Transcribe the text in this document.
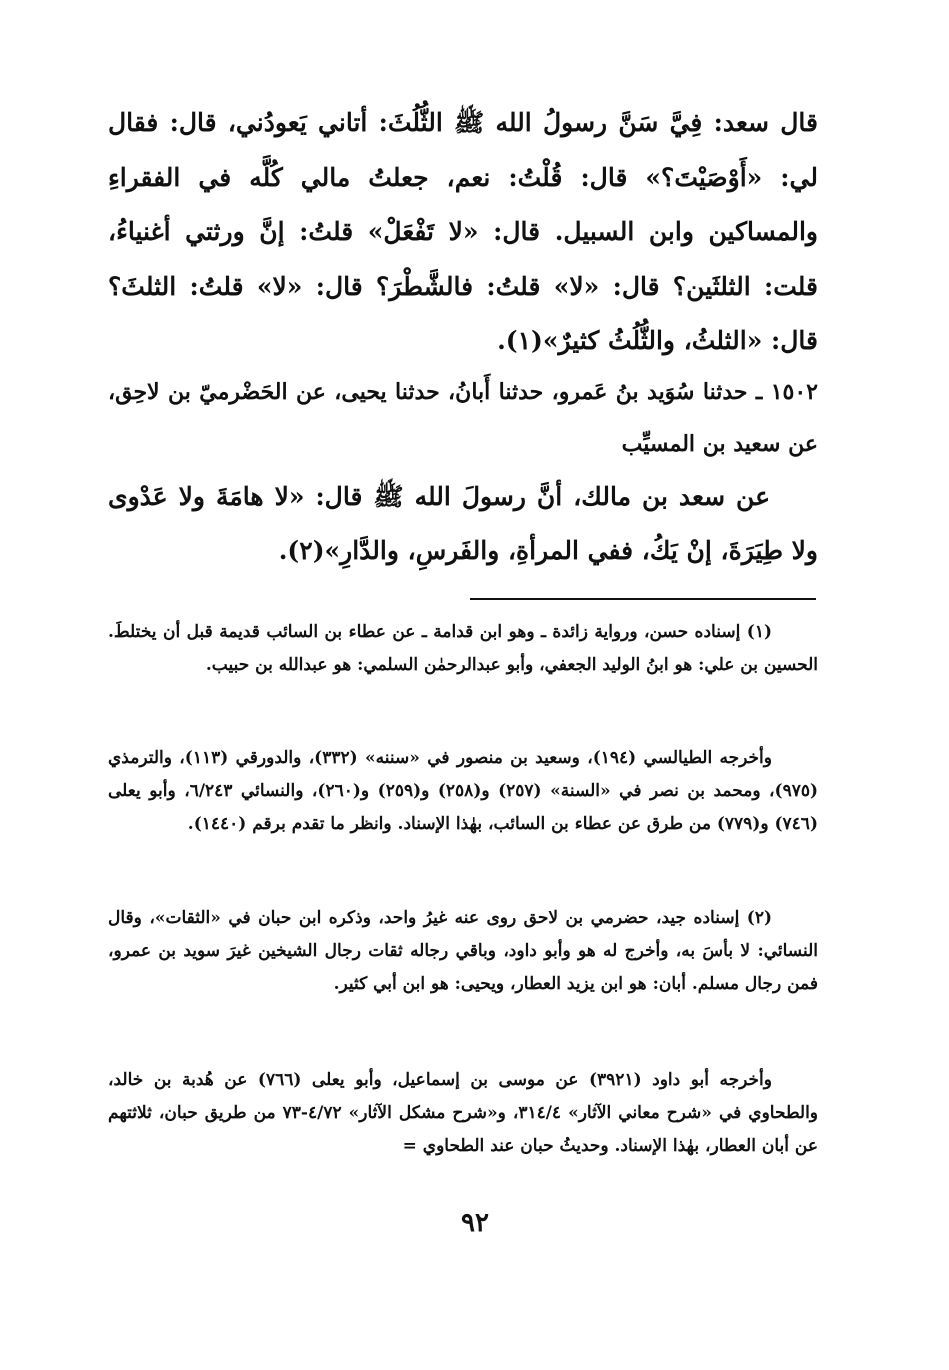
قال سعد: فِيَّ سَنَّ رسولُ الله ﷺ الثُّلُثَ: أتاني يَعودُني، قال: فقال لي: «أَوْصَيْتَ؟» قال: قُلْتُ: نعم، جعلتُ مالي كُلَّه في الفقراءِ والمساكين وابن السبيل. قال: «لا تَفْعَلْ» قلتُ: إنَّ ورثتي أغنياءُ، قلت: الثلثَين؟ قال: «لا» قلتُ: فالشَّطْرَ؟ قال: «لا» قلتُ: الثلثَ؟ قال: «الثلثُ، والثُّلُثُ كثيرٌ»(١).

١٥٠٢ ـ حدثنا سُوَيد بنُ عَمرو، حدثنا أَبانُ، حدثنا يحيى، عن الحَضْرميّ بن لاحِق، عن سعيد بن المسيِّب

عن سعد بن مالك، أنَّ رسولَ الله ﷺ قال: «لا هامَةَ ولا عَدْوى ولا طِيَرَةَ، إنْ يَكُ، ففي المرأةِ، والفَرسِ، والدَّارِ»(٢).

(١) إسناده حسن، ورواية زائدة ـ وهو ابن قدامة ـ عن عطاء بن السائب قديمة قبل أن يختلطَ. الحسين بن علي: هو ابنُ الوليد الجعفي، وأبو عبدالرحمٰن السلمي: هو عبدالله بن حبيب.

وأخرجه الطيالسي (١٩٤)، وسعيد بن منصور في «سننه» (٣٣٢)، والدورقي (١١٣)، والترمذي (٩٧٥)، ومحمد بن نصر في «السنة» (٢٥٧) و(٢٥٨) و(٢٥٩) و(٢٦٠)، والنسائي ٦/٢٤٣، وأبو يعلى (٧٤٦) و(٧٧٩) من طرق عن عطاء بن السائب، بهٰذا الإسناد. وانظر ما تقدم برقم (١٤٤٠).

(٢) إسناده جيد، حضرمي بن لاحق روى عنه غيرُ واحد، وذكره ابن حبان في «الثقات»، وقال النسائي: لا بأسَ به، وأخرج له هو وأبو داود، وباقي رجاله ثقات رجال الشيخين غيرَ سويد بن عمرو، فمن رجال مسلم. أبان: هو ابن يزيد العطار، ويحيى: هو ابن أبي كثير.

وأخرجه أبو داود (٣٩٢١) عن موسى بن إسماعيل، وأبو يعلى (٧٦٦) عن هُدبة بن خالد، والطحاوي في «شرح معاني الآثار» ٣١٤/٤، و«شرح مشكل الآثار» ٤/٧٢-٧٣ من طريق حبان، ثلاثتهم عن أبان العطار، بهٰذا الإسناد. وحديثُ حبان عند الطحاوي =

٩٢
